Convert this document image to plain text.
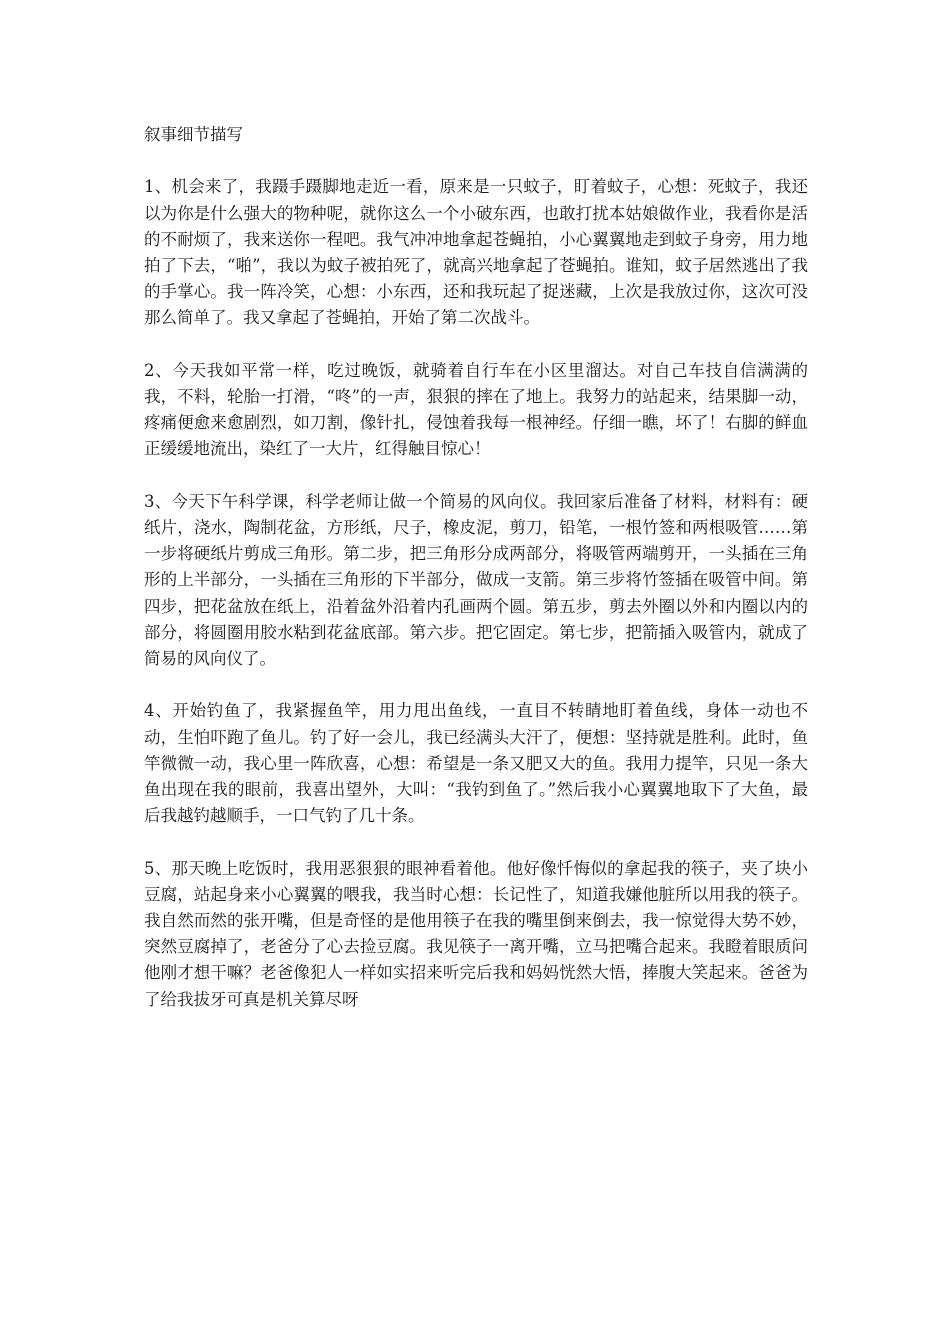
叙事细节描写

1、机会来了，我蹑手蹑脚地走近一看，原来是一只蚊子，盯着蚊子，心想：死蚊子，我还以为你是什么强大的物种呢，就你这么一个小破东西，也敢打扰本姑娘做作业，我看你是活的不耐烦了，我来送你一程吧。我气冲冲地拿起苍蝇拍，小心翼翼地走到蚊子身旁，用力地拍了下去，“啪”，我以为蚊子被拍死了，就高兴地拿起了苍蝇拍。谁知，蚊子居然逃出了我的手掌心。我一阵冷笑，心想：小东西，还和我玩起了捉迷藏，上次是我放过你，这次可没那么简单了。我又拿起了苍蝇拍，开始了第二次战斗。

2、今天我如平常一样，吃过晚饭，就骑着自行车在小区里溜达。对自己车技自信满满的我，不料，轮胎一打滑，“咚”的一声，狠狠的摔在了地上。我努力的站起来，结果脚一动，疼痛便愈来愈剧烈，如刀割，像针扎，侵蚀着我每一根神经。仔细一瞧，坏了！右脚的鲜血正缓缓地流出，染红了一大片，红得触目惊心！

3、今天下午科学课，科学老师让做一个简易的风向仪。我回家后准备了材料，材料有：硬纸片，浇水，陶制花盆，方形纸，尺子，橡皮泥，剪刀，铅笔，一根竹签和两根吸管……第一步将硬纸片剪成三角形。第二步，把三角形分成两部分，将吸管两端剪开，一头插在三角形的上半部分，一头插在三角形的下半部分，做成一支箭。第三步将竹签插在吸管中间。第四步，把花盆放在纸上，沿着盆外沿着内孔画两个圆。第五步，剪去外圈以外和内圈以内的部分，将圆圈用胶水粘到花盆底部。第六步。把它固定。第七步，把箭插入吸管内，就成了简易的风向仪了。

4、开始钓鱼了，我紧握鱼竿，用力甩出鱼线，一直目不转睛地盯着鱼线，身体一动也不动，生怕吓跑了鱼儿。钓了好一会儿，我已经满头大汗了，便想：坚持就是胜利。此时，鱼竿微微一动，我心里一阵欣喜，心想：希望是一条又肥又大的鱼。我用力提竿，只见一条大鱼出现在我的眼前，我喜出望外，大叫：“我钓到鱼了。”然后我小心翼翼地取下了大鱼，最后我越钓越顺手，一口气钓了几十条。

5、那天晚上吃饭时，我用恶狠狠的眼神看着他。他好像忏悔似的拿起我的筷子，夹了块小豆腐，站起身来小心翼翼的喂我，我当时心想：长记性了，知道我嫌他脏所以用我的筷子。我自然而然的张开嘴，但是奇怪的是他用筷子在我的嘴里倒来倒去，我一惊觉得大势不妙，突然豆腐掉了，老爸分了心去捡豆腐。我见筷子一离开嘴，立马把嘴合起来。我瞪着眼质问他刚才想干嘛？老爸像犯人一样如实招来听完后我和妈妈恍然大悟，捧腹大笑起来。爸爸为了给我拔牙可真是机关算尽呀
